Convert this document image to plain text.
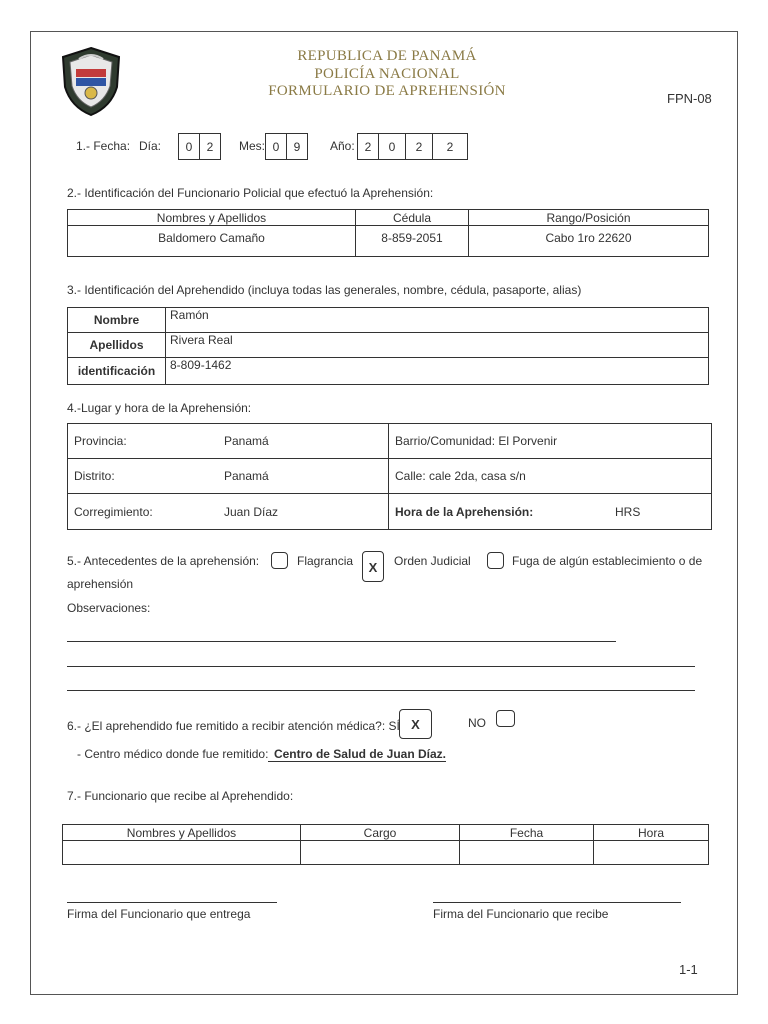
REPUBLICA DE PANAMÁ
POLICÍA NACIONAL
FORMULARIO DE APREHENSIÓN	FPN-08
1.- Fecha: Día:	0	2	Mes: 0	9	Año: 2	0	2	2
2.- Identificación del Funcionario Policial que efectuó la Aprehensión:
Nombres y Apellidos	Cédula	Rango/Posición
Baldomero Camaño	8-859-2051	Cabo 1ro 22620
3.- Identificación del Aprehendido (incluya todas las generales, nombre, cédula, pasaporte, alias)
Nombre	Ramón
Apellidos	Rivera Real
identificación	8-809-1462
4.-Lugar y hora de la Aprehensión:
Provincia: Panamá	Barrio/Comunidad: El Porvenir
Distrito: Panamá	Calle: cale 2da, casa s/n
Corregimiento: Juan Díaz	Hora de la Aprehensión: HRS
5.- Antecedentes de la aprehensión:	Flagrancia	X	Orden Judicial	Fuga de algún establecimiento o de
aprehensión
Observaciones:
6.- ¿El aprehendido fue remitido a recibir atención médica?: SÍ X	NO
- Centro médico donde fue remitido: Centro de Salud de Juan Díaz.
7.- Funcionario que recibe al Aprehendido:
Nombres y Apellidos	Cargo	Fecha	Hora

Firma del Funcionario que entrega	Firma del Funcionario que recibe
1-1
